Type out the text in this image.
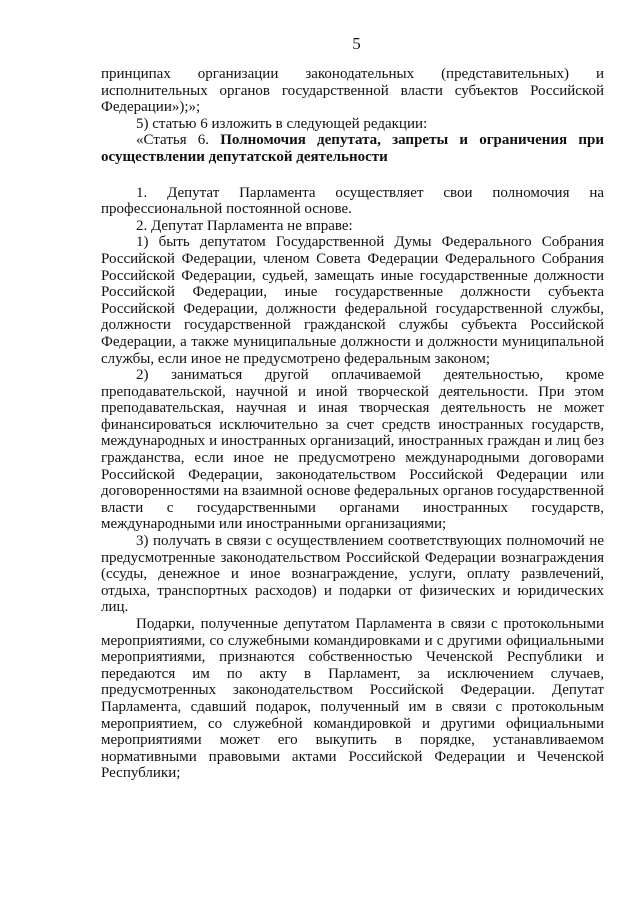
5

принципах организации законодательных (представительных) и исполнительных органов государственной власти субъектов Российской Федерации»);»;

5) статью 6 изложить в следующей редакции:

«Статья 6. Полномочия депутата, запреты и ограничения при осуществлении депутатской деятельности

1. Депутат Парламента осуществляет свои полномочия на профессиональной постоянной основе.

2. Депутат Парламента не вправе:

1) быть депутатом Государственной Думы Федерального Собрания Российской Федерации, членом Совета Федерации Федерального Собрания Российской Федерации, судьей, замещать иные государственные должности Российской Федерации, иные государственные должности субъекта Российской Федерации, должности федеральной государственной службы, должности государственной гражданской службы субъекта Российской Федерации, а также муниципальные должности и должности муниципальной службы, если иное не предусмотрено федеральным законом;

2) заниматься другой оплачиваемой деятельностью, кроме преподавательской, научной и иной творческой деятельности. При этом преподавательская, научная и иная творческая деятельность не может финансироваться исключительно за счет средств иностранных государств, международных и иностранных организаций, иностранных граждан и лиц без гражданства, если иное не предусмотрено международными договорами Российской Федерации, законодательством Российской Федерации или договоренностями на взаимной основе федеральных органов государственной власти с государственными органами иностранных государств, международными или иностранными организациями;

3) получать в связи с осуществлением соответствующих полномочий не предусмотренные законодательством Российской Федерации вознаграждения (ссуды, денежное и иное вознаграждение, услуги, оплату развлечений, отдыха, транспортных расходов) и подарки от физических и юридических лиц.

Подарки, полученные депутатом Парламента в связи с протокольными мероприятиями, со служебными командировками и с другими официальными мероприятиями, признаются собственностью Чеченской Республики и передаются им по акту в Парламент, за исключением случаев, предусмотренных законодательством Российской Федерации. Депутат Парламента, сдавший подарок, полученный им в связи с протокольным мероприятием, со служебной командировкой и другими официальными мероприятиями может его выкупить в порядке, устанавливаемом нормативными правовыми актами Российской Федерации и Чеченской Республики;
